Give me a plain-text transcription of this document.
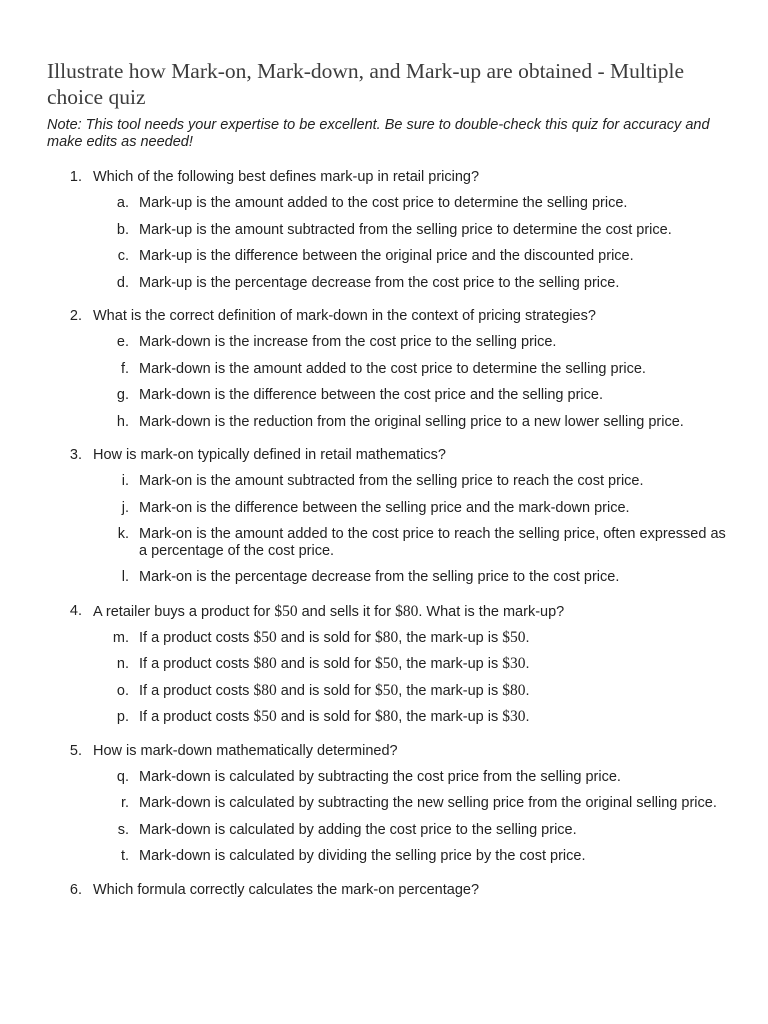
Illustrate how Mark-on, Mark-down, and Mark-up are obtained - Multiple choice quiz

Note: This tool needs your expertise to be excellent. Be sure to double-check this quiz for accuracy and make edits as needed!

1. Which of the following best defines mark-up in retail pricing?
a. Mark-up is the amount added to the cost price to determine the selling price.
b. Mark-up is the amount subtracted from the selling price to determine the cost price.
c. Mark-up is the difference between the original price and the discounted price.
d. Mark-up is the percentage decrease from the cost price to the selling price.
2. What is the correct definition of mark-down in the context of pricing strategies?
e. Mark-down is the increase from the cost price to the selling price.
f. Mark-down is the amount added to the cost price to determine the selling price.
g. Mark-down is the difference between the cost price and the selling price.
h. Mark-down is the reduction from the original selling price to a new lower selling price.
3. How is mark-on typically defined in retail mathematics?
i. Mark-on is the amount subtracted from the selling price to reach the cost price.
j. Mark-on is the difference between the selling price and the mark-down price.
k. Mark-on is the amount added to the cost price to reach the selling price, often expressed as a percentage of the cost price.
l. Mark-on is the percentage decrease from the selling price to the cost price.
4. A retailer buys a product for $50 and sells it for $80. What is the mark-up?
m. If a product costs $50 and is sold for $80, the mark-up is $50.
n. If a product costs $80 and is sold for $50, the mark-up is $30.
o. If a product costs $80 and is sold for $50, the mark-up is $80.
p. If a product costs $50 and is sold for $80, the mark-up is $30.
5. How is mark-down mathematically determined?
q. Mark-down is calculated by subtracting the cost price from the selling price.
r. Mark-down is calculated by subtracting the new selling price from the original selling price.
s. Mark-down is calculated by adding the cost price to the selling price.
t. Mark-down is calculated by dividing the selling price by the cost price.
6. Which formula correctly calculates the mark-on percentage?
